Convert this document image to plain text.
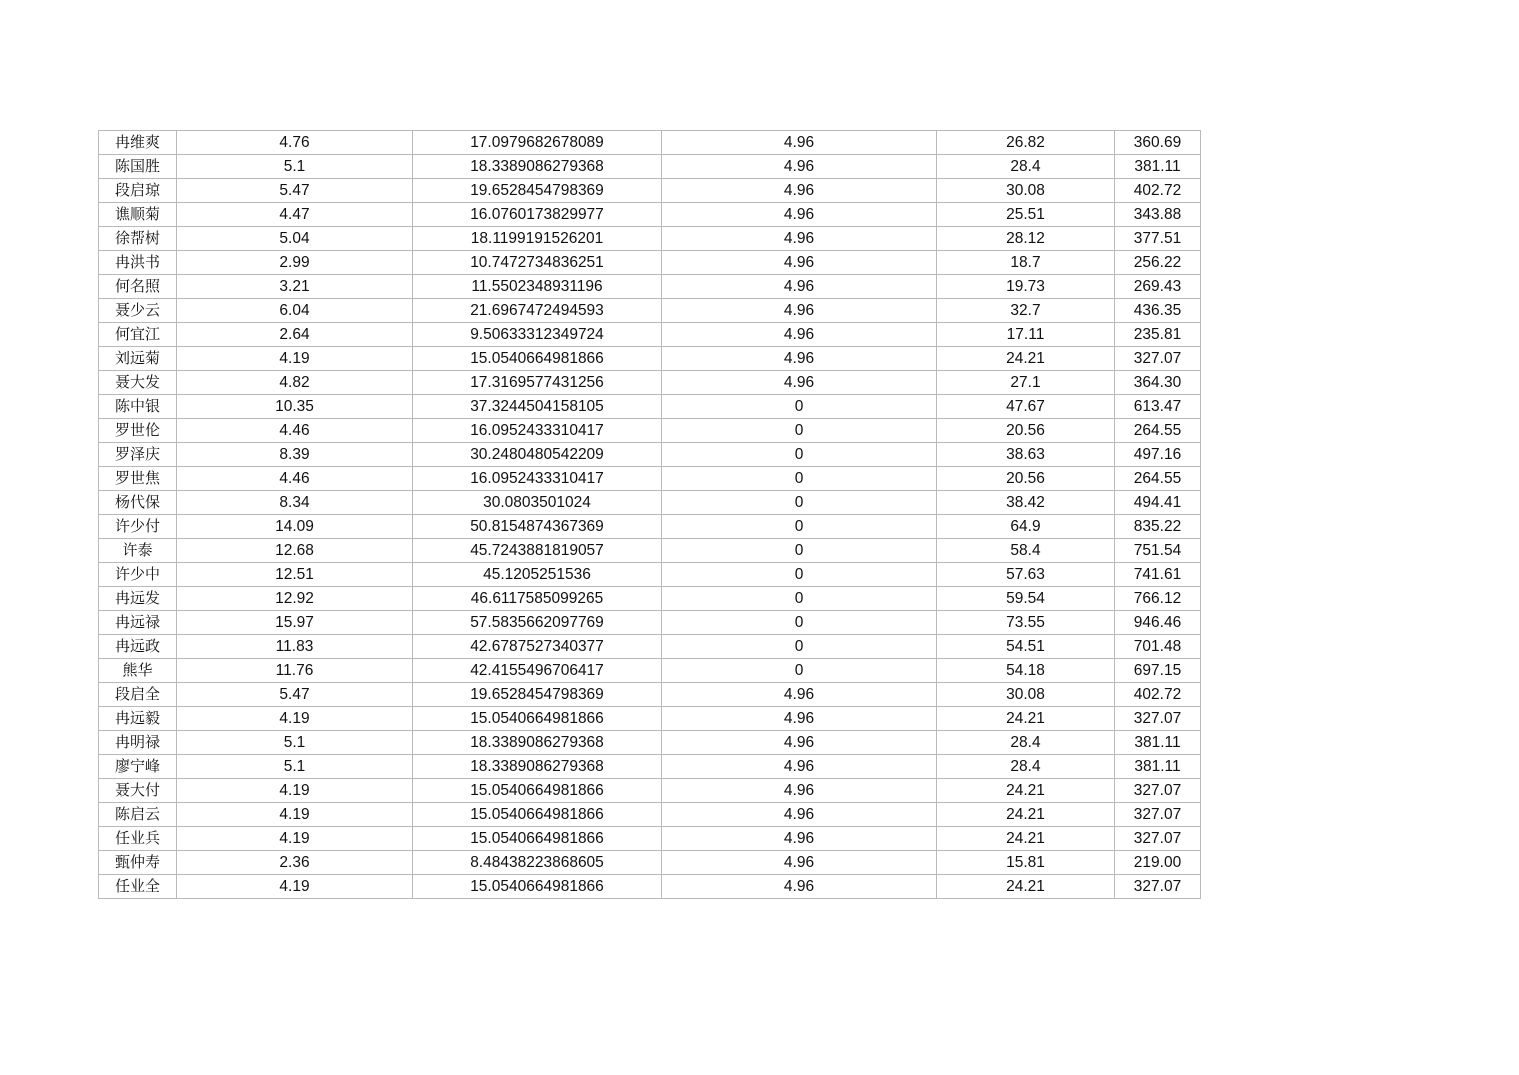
冉维爽	4.76	17.0979682678089	4.96	26.82	360.69
陈国胜	5.1	18.3389086279368	4.96	28.4	381.11
段启琼	5.47	19.6528454798369	4.96	30.08	402.72
谯顺菊	4.47	16.0760173829977	4.96	25.51	343.88
徐帮树	5.04	18.1199191526201	4.96	28.12	377.51
冉洪书	2.99	10.7472734836251	4.96	18.7	256.22
何名照	3.21	11.5502348931196	4.96	19.73	269.43
聂少云	6.04	21.6967472494593	4.96	32.7	436.35
何宜江	2.64	9.50633312349724	4.96	17.11	235.81
刘远菊	4.19	15.0540664981866	4.96	24.21	327.07
聂大发	4.82	17.3169577431256	4.96	27.1	364.30
陈中银	10.35	37.3244504158105	0	47.67	613.47
罗世伦	4.46	16.0952433310417	0	20.56	264.55
罗泽庆	8.39	30.2480480542209	0	38.63	497.16
罗世焦	4.46	16.0952433310417	0	20.56	264.55
杨代保	8.34	30.0803501024	0	38.42	494.41
许少付	14.09	50.8154874367369	0	64.9	835.22
许泰	12.68	45.7243881819057	0	58.4	751.54
许少中	12.51	45.1205251536	0	57.63	741.61
冉远发	12.92	46.6117585099265	0	59.54	766.12
冉远禄	15.97	57.5835662097769	0	73.55	946.46
冉远政	11.83	42.6787527340377	0	54.51	701.48
熊华	11.76	42.4155496706417	0	54.18	697.15
段启全	5.47	19.6528454798369	4.96	30.08	402.72
冉远毅	4.19	15.0540664981866	4.96	24.21	327.07
冉明禄	5.1	18.3389086279368	4.96	28.4	381.11
廖宁峰	5.1	18.3389086279368	4.96	28.4	381.11
聂大付	4.19	15.0540664981866	4.96	24.21	327.07
陈启云	4.19	15.0540664981866	4.96	24.21	327.07
任业兵	4.19	15.0540664981866	4.96	24.21	327.07
甄仲寿	2.36	8.48438223868605	4.96	15.81	219.00
任业全	4.19	15.0540664981866	4.96	24.21	327.07
